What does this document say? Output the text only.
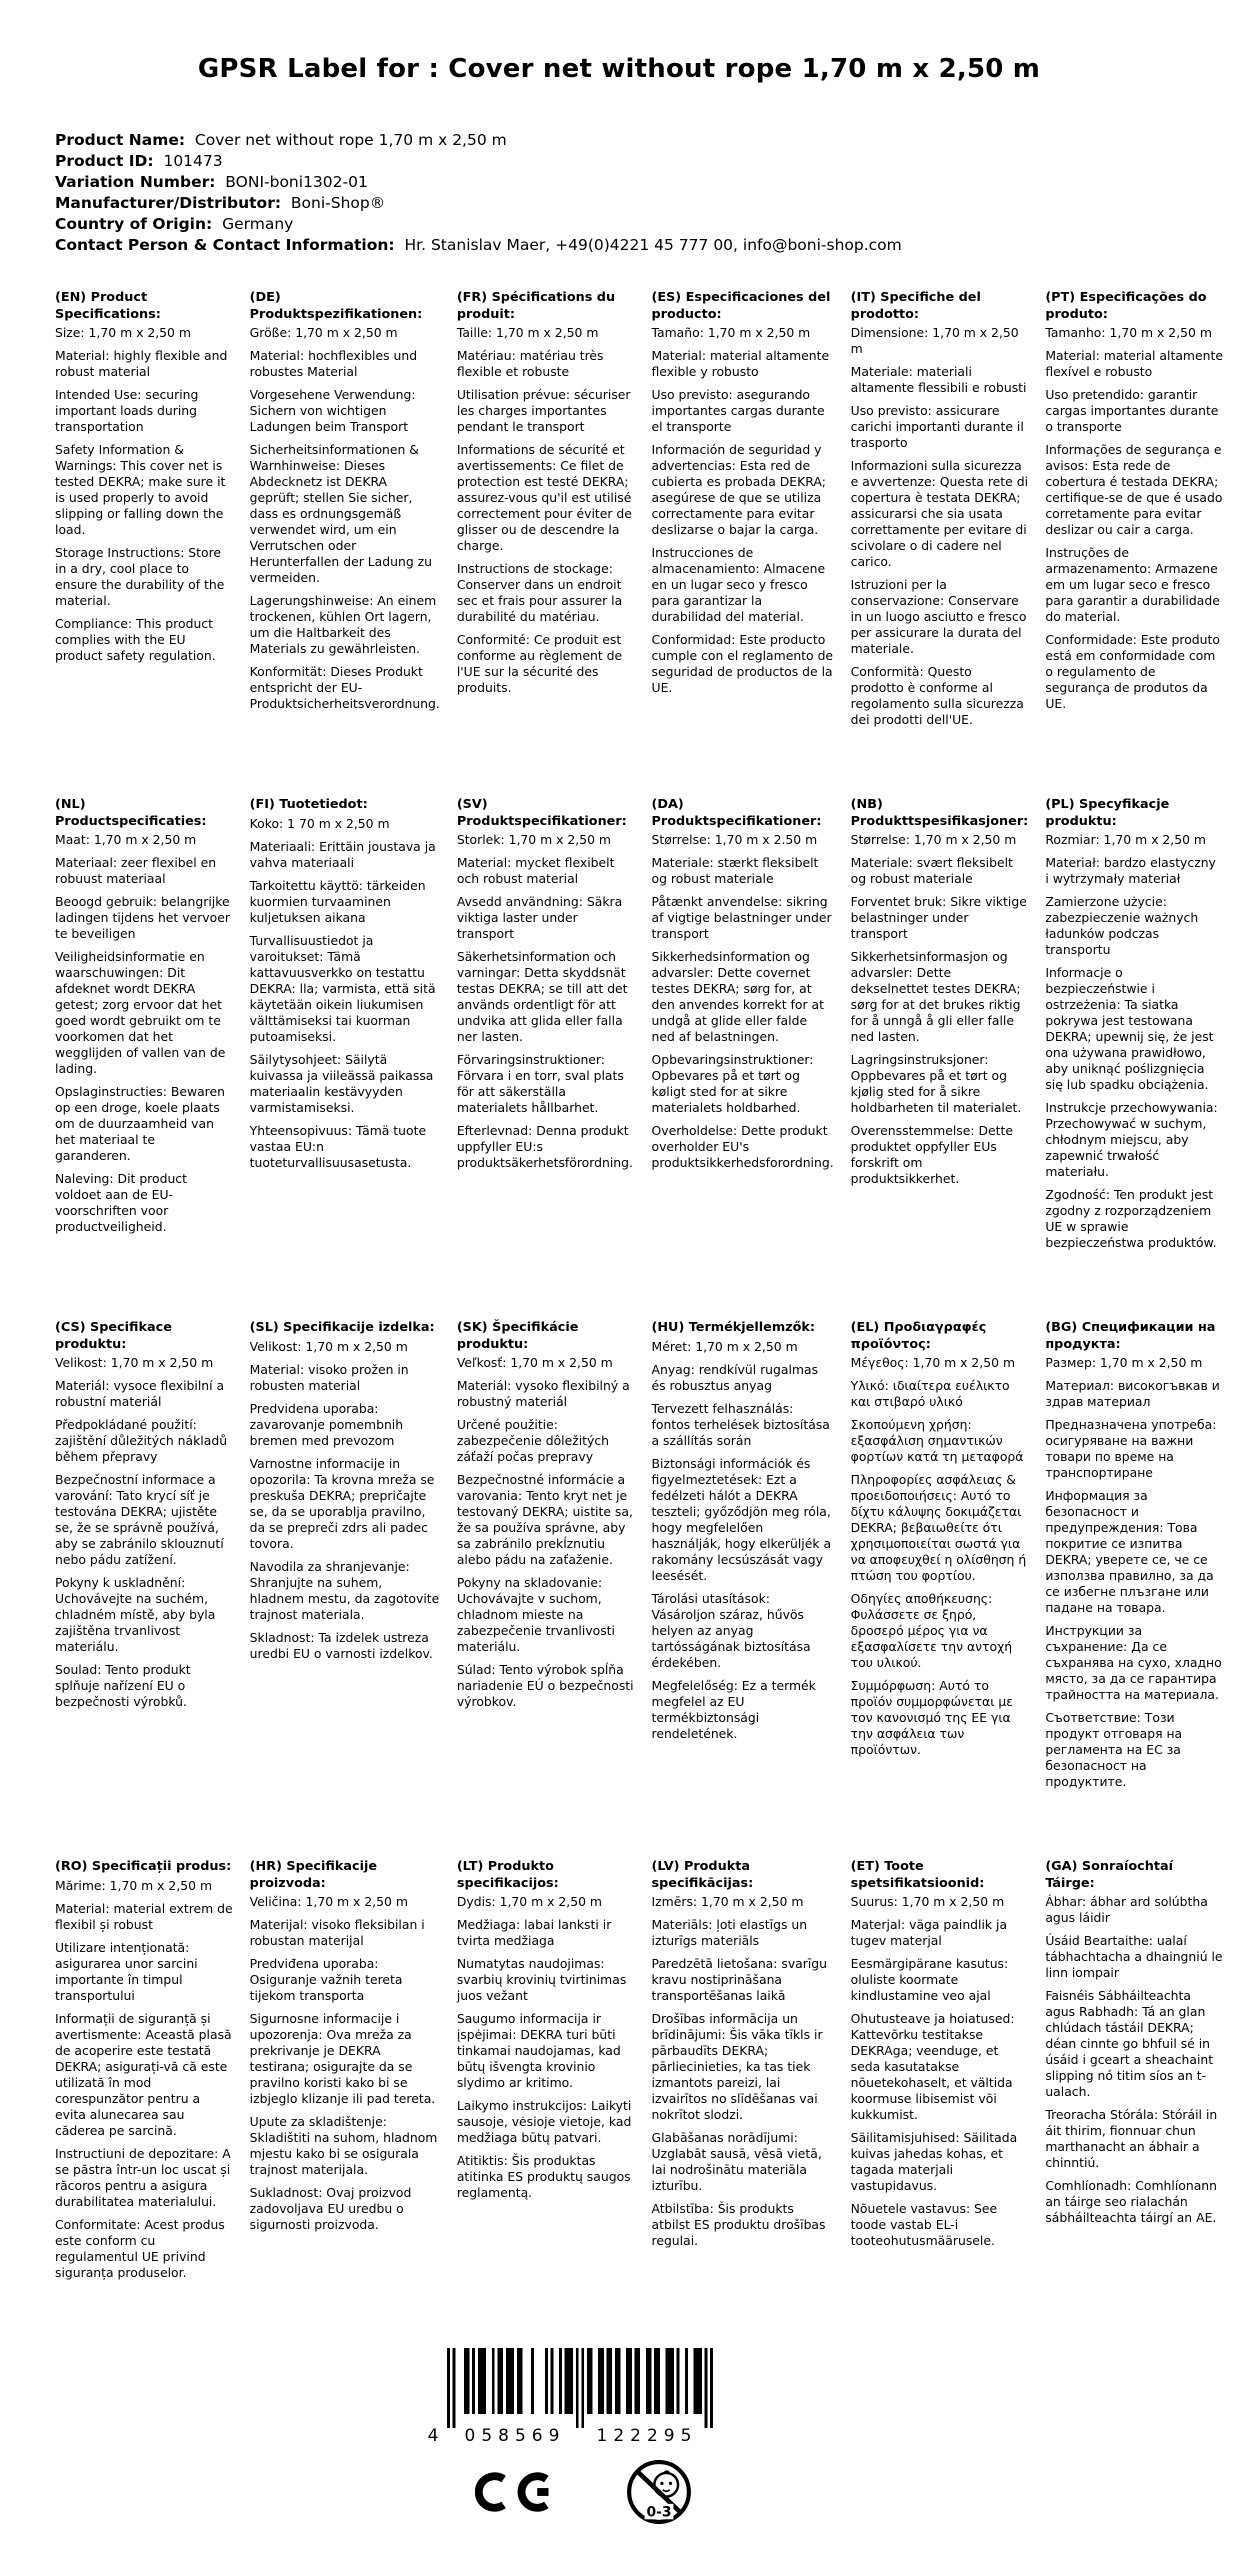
GPSR Label for : Cover net without rope 1,70 m x 2,50 m
Product Name:  Cover net without rope 1,70 m x 2,50 m
Product ID:  101473
Variation Number:  BONI-boni1302-01
Manufacturer/Distributor:  Boni-Shop®
Country of Origin:  Germany
Contact Person & Contact Information:  Hr. Stanislav Maer, +49(0)4221 45 777 00, info@boni-shop.com
(EN) Product Specifications:

Size: 1,70 m x 2,50 m

Material: highly flexible and robust material

Intended Use: securing important loads during transportation

Safety Information & Warnings: This cover net is tested DEKRA; make sure it is used properly to avoid slipping or falling down the load.

Storage Instructions: Store in a dry, cool place to ensure the durability of the material.

Compliance: This product complies with the EU product safety regulation.

(DE) Produktspezifikationen:

Größe: 1,70 m x 2,50 m

Material: hochflexibles und robustes Material

Vorgesehene Verwendung: Sichern von wichtigen Ladungen beim Transport

Sicherheitsinformationen & Warnhinweise: Dieses Abdecknetz ist DEKRA geprüft; stellen Sie sicher, dass es ordnungsgemäß verwendet wird, um ein Verrutschen oder Herunterfallen der Ladung zu vermeiden.

Lagerungshinweise: An einem trockenen, kühlen Ort lagern, um die Haltbarkeit des Materials zu gewährleisten.

Konformität: Dieses Produkt entspricht der EU-Produktsicherheitsverordnung.

(FR) Spécifications du produit:

Taille: 1,70 m x 2,50 m

Matériau: matériau très flexible et robuste

Utilisation prévue: sécuriser les charges importantes pendant le transport

Informations de sécurité et avertissements: Ce filet de protection est testé DEKRA; assurez-vous qu'il est utilisé correctement pour éviter de glisser ou de descendre la charge.

Instructions de stockage: Conserver dans un endroit sec et frais pour assurer la durabilité du matériau.

Conformité: Ce produit est conforme au règlement de l'UE sur la sécurité des produits.

(ES) Especificaciones del producto:

Tamaño: 1,70 m x 2,50 m

Material: material altamente flexible y robusto

Uso previsto: asegurando importantes cargas durante el transporte

Información de seguridad y advertencias: Esta red de cubierta es probada DEKRA; asegúrese de que se utiliza correctamente para evitar deslizarse o bajar la carga.

Instrucciones de almacenamiento: Almacene en un lugar seco y fresco para garantizar la durabilidad del material.

Conformidad: Este producto cumple con el reglamento de seguridad de productos de la UE.

(IT) Specifiche del prodotto:

Dimensione: 1,70 m x 2,50 m

Materiale: materiali altamente flessibili e robusti

Uso previsto: assicurare carichi importanti durante il trasporto

Informazioni sulla sicurezza e avvertenze: Questa rete di copertura è testata DEKRA; assicurarsi che sia usata correttamente per evitare di scivolare o di cadere nel carico.

Istruzioni per la conservazione: Conservare in un luogo asciutto e fresco per assicurare la durata del materiale.

Conformità: Questo prodotto è conforme al regolamento sulla sicurezza dei prodotti dell'UE.

(PT) Especificações do produto:

Tamanho: 1,70 m x 2,50 m

Material: material altamente flexível e robusto

Uso pretendido: garantir cargas importantes durante o transporte

Informações de segurança e avisos: Esta rede de cobertura é testada DEKRA; certifique-se de que é usado corretamente para evitar deslizar ou cair a carga.

Instruções de armazenamento: Armazene em um lugar seco e fresco para garantir a durabilidade do material.

Conformidade: Este produto está em conformidade com o regulamento de segurança de produtos da UE.

(NL) Productspecificaties:

Maat: 1,70 m x 2,50 m

Materiaal: zeer flexibel en robuust materiaal

Beoogd gebruik: belangrijke ladingen tijdens het vervoer te beveiligen

Veiligheidsinformatie en waarschuwingen: Dit afdeknet wordt DEKRA getest; zorg ervoor dat het goed wordt gebruikt om te voorkomen dat het wegglijden of vallen van de lading.

Opslaginstructies: Bewaren op een droge, koele plaats om de duurzaamheid van het materiaal te garanderen.

Naleving: Dit product voldoet aan de EU-voorschriften voor productveiligheid.

(FI) Tuotetiedot:

Koko: 1 70 m x 2,50 m

Materiaali: Erittäin joustava ja vahva materiaali

Tarkoitettu käyttö: tärkeiden kuormien turvaaminen kuljetuksen aikana

Turvallisuustiedot ja varoitukset: Tämä kattavuusverkko on testattu DEKRA: lla; varmista, että sitä käytetään oikein liukumisen välttämiseksi tai kuorman putoamiseksi.

Säilytysohjeet: Säilytä kuivassa ja viileässä paikassa materiaalin kestävyyden varmistamiseksi.

Yhteensopivuus: Tämä tuote vastaa EU:n tuoteturvallisuusasetusta.

(SV) Produktspecifikationer:

Storlek: 1,70 m x 2,50 m

Material: mycket flexibelt och robust material

Avsedd användning: Säkra viktiga laster under transport

Säkerhetsinformation och varningar: Detta skyddsnät testas DEKRA; se till att det används ordentligt för att undvika att glida eller falla ner lasten.

Förvaringsinstruktioner: Förvara i en torr, sval plats för att säkerställa materialets hållbarhet.

Efterlevnad: Denna produkt uppfyller EU:s produktsäkerhetsförordning.

(DA) Produktspecifikationer:

Størrelse: 1,70 m x 2.50 m

Materiale: stærkt fleksibelt og robust materiale

Påtænkt anvendelse: sikring af vigtige belastninger under transport

Sikkerhedsinformation og advarsler: Dette covernet testes DEKRA; sørg for, at den anvendes korrekt for at undgå at glide eller falde ned af belastningen.

Opbevaringsinstruktioner: Opbevares på et tørt og køligt sted for at sikre materialets holdbarhed.

Overholdelse: Dette produkt overholder EU's produktsikkerhedsforordning.

(NB) Produkttspesifikasjoner:

Størrelse: 1,70 m x 2,50 m

Materiale: svært fleksibelt og robust materiale

Forventet bruk: Sikre viktige belastninger under transport

Sikkerhetsinformasjon og advarsler: Dette dekselnettet testes DEKRA; sørg for at det brukes riktig for å unngå å gli eller falle ned lasten.

Lagringsinstruksjoner: Oppbevares på et tørt og kjølig sted for å sikre holdbarheten til materialet.

Overensstemmelse: Dette produktet oppfyller EUs forskrift om produktsikkerhet.

(PL) Specyfikacje produktu:

Rozmiar: 1,70 m x 2,50 m

Materiał: bardzo elastyczny i wytrzymały materiał

Zamierzone użycie: zabezpieczenie ważnych ładunków podczas transportu

Informacje o bezpieczeństwie i ostrzeżenia: Ta siatka pokrywa jest testowana DEKRA; upewnij się, że jest ona używana prawidłowo, aby uniknąć poślizgnięcia się lub spadku obciążenia.

Instrukcje przechowywania: Przechowywać w suchym, chłodnym miejscu, aby zapewnić trwałość materiału.

Zgodność: Ten produkt jest zgodny z rozporządzeniem UE w sprawie bezpieczeństwa produktów.

(CS) Specifikace produktu:

Velikost: 1,70 m x 2,50 m

Materiál: vysoce flexibilní a robustní materiál

Předpokládané použití: zajištění důležitých nákladů během přepravy

Bezpečnostní informace a varování: Tato krycí síť je testována DEKRA; ujistěte se, že se správně používá, aby se zabránilo sklouznutí nebo pádu zatížení.

Pokyny k uskladnění: Uchovávejte na suchém, chladném místě, aby byla zajištěna trvanlivost materiálu.

Soulad: Tento produkt splňuje nařízení EU o bezpečnosti výrobků.

(SL) Specifikacije izdelka:

Velikost: 1,70 m x 2,50 m

Material: visoko prožen in robusten material

Predvidena uporaba: zavarovanje pomembnih bremen med prevozom

Varnostne informacije in opozorila: Ta krovna mreža se preskuša DEKRA; prepričajte se, da se uporablja pravilno, da se prepreči zdrs ali padec tovora.

Navodila za shranjevanje: Shranjujte na suhem, hladnem mestu, da zagotovite trajnost materiala.

Skladnost: Ta izdelek ustreza uredbi EU o varnosti izdelkov.

(SK) Špecifikácie produktu:

Veľkosť: 1,70 m x 2,50 m

Materiál: vysoko flexibilný a robustný materiál

Určené použitie: zabezpečenie dôležitých záťaží počas prepravy

Bezpečnostné informácie a varovania: Tento kryt net je testovaný DEKRA; uistite sa, že sa používa správne, aby sa zabránilo prekĺznutiu alebo pádu na zaťaženie.

Pokyny na skladovanie: Uchovávajte v suchom, chladnom mieste na zabezpečenie trvanlivosti materiálu.

Súlad: Tento výrobok spĺňa nariadenie EÚ o bezpečnosti výrobkov.

(HU) Termékjellemzők:

Méret: 1,70 m x 2,50 m

Anyag: rendkívül rugalmas és robusztus anyag

Tervezett felhasználás: fontos terhelések biztosítása a szállítás során

Biztonsági információk és figyelmeztetések: Ezt a fedélzeti hálót a DEKRA teszteli; győződjön meg róla, hogy megfelelően használják, hogy elkerüljék a rakomány lecsúszását vagy leesését.

Tárolási utasítások: Vásároljon száraz, hűvös helyen az anyag tartósságának biztosítása érdekében.

Megfelelőség: Ez a termék megfelel az EU termékbiztonsági rendeletének.

(EL) Προδιαγραφές προϊόντος:

Μέγεθος: 1,70 m x 2,50 m

Υλικό: ιδιαίτερα ευέλικτο και στιβαρό υλικό

Σκοπούμενη χρήση: εξασφάλιση σημαντικών φορτίων κατά τη μεταφορά

Πληροφορίες ασφάλειας & προειδοποιήσεις: Αυτό το δίχτυ κάλυψης δοκιμάζεται DEKRA; βεβαιωθείτε ότι χρησιμοποιείται σωστά για να αποφευχθεί η ολίσθηση ή πτώση του φορτίου.

Οδηγίες αποθήκευσης: Φυλάσσετε σε ξηρό, δροσερό μέρος για να εξασφαλίσετε την αντοχή του υλικού.

Συμμόρφωση: Αυτό το προϊόν συμμορφώνεται με τον κανονισμό της ΕΕ για την ασφάλεια των προϊόντων.

(BG) Спецификации на продукта:

Размер: 1,70 m x 2,50 m

Материал: високогъвкав и здрав материал

Предназначена употреба: осигуряване на важни товари по време на транспортиране

Информация за безопасност и предупреждения: Това покритие се изпитва DEKRA; уверете се, че се използва правилно, за да се избегне плъзгане или падане на товара.

Инструкции за съхранение: Да се съхранява на сухо, хладно място, за да се гарантира трайността на материала.

Съответствие: Този продукт отговаря на регламента на ЕС за безопасност на продуктите.

(RO) Specificații produs:

Mărime: 1,70 m x 2,50 m

Material: material extrem de flexibil și robust

Utilizare intenționată: asigurarea unor sarcini importante în timpul transportului

Informații de siguranță și avertismente: Această plasă de acoperire este testată DEKRA; asigurați-vă că este utilizată în mod corespunzător pentru a evita alunecarea sau căderea pe sarcină.

Instructiuni de depozitare: A se păstra într-un loc uscat și răcoros pentru a asigura durabilitatea materialului.

Conformitate: Acest produs este conform cu regulamentul UE privind siguranța produselor.

(HR) Specifikacije proizvoda:

Veličina: 1,70 m x 2,50 m

Materijal: visoko fleksibilan i robustan materijal

Predviđena uporaba: Osiguranje važnih tereta tijekom transporta

Sigurnosne informacije i upozorenja: Ova mreža za prekrivanje je DEKRA testirana; osigurajte da se pravilno koristi kako bi se izbjeglo klizanje ili pad tereta.

Upute za skladištenje: Skladištiti na suhom, hladnom mjestu kako bi se osigurala trajnost materijala.

Sukladnost: Ovaj proizvod zadovoljava EU uredbu o sigurnosti proizvoda.

(LT) Produkto specifikacijos:

Dydis: 1,70 m x 2,50 m

Medžiaga: labai lanksti ir tvirta medžiaga

Numatytas naudojimas: svarbių krovinių tvirtinimas juos vežant

Saugumo informacija ir įspėjimai: DEKRA turi būti tinkamai naudojamas, kad būtų išvengta krovinio slydimo ar kritimo.

Laikymo instrukcijos: Laikyti sausoje, vėsioje vietoje, kad medžiaga būtų patvari.

Atitiktis: Šis produktas atitinka ES produktų saugos reglamentą.

(LV) Produkta specifikācijas:

Izmērs: 1,70 m x 2,50 m

Materiāls: ļoti elastīgs un izturīgs materiāls

Paredzētā lietošana: svarīgu kravu nostiprināšana transportēšanas laikā

Drošības informācija un brīdinājumi: Šis vāka tīkls ir pārbaudīts DEKRA; pārliecinieties, ka tas tiek izmantots pareizi, lai izvairītos no slīdēšanas vai nokrītot slodzi.

Glabāšanas norādījumi: Uzglabāt sausā, vēsā vietā, lai nodrošinātu materiāla izturību.

Atbilstība: Šis produkts atbilst ES produktu drošības regulai.

(ET) Toote spetsifikatsioonid:

Suurus: 1,70 m x 2,50 m

Materjal: väga paindlik ja tugev materjal

Eesmärgipärane kasutus: oluliste koormate kindlustamine veo ajal

Ohutusteave ja hoiatused: Kattevõrku testitakse DEKRAga; veenduge, et seda kasutatakse nõuetekohaselt, et vältida koormuse libisemist või kukkumist.

Säilitamisjuhised: Säilitada kuivas jahedas kohas, et tagada materjali vastupidavus.

Nõuetele vastavus: See toode vastab EL-i tooteohutusmäärusele.

(GA) Sonraíochtaí Táirge:

Ábhar: ábhar ard solúbtha agus láidir

Úsáid Beartaithe: ualaí tábhachtacha a dhaingniú le linn iompair

Faisnéis Sábháilteachta agus Rabhadh: Tá an glan chlúdach tástáil DEKRA; déan cinnte go bhfuil sé in úsáid i gceart a sheachaint slipping nó titim síos an t-ualach.

Treoracha Stórála: Stóráil in áit thirim, fionnuar chun marthanacht an ábhair a chinntiú.

Comhlíonadh: Comhlíonann an táirge seo rialachán sábháilteachta táirgí an AE.

4 058569 122295
0-3
